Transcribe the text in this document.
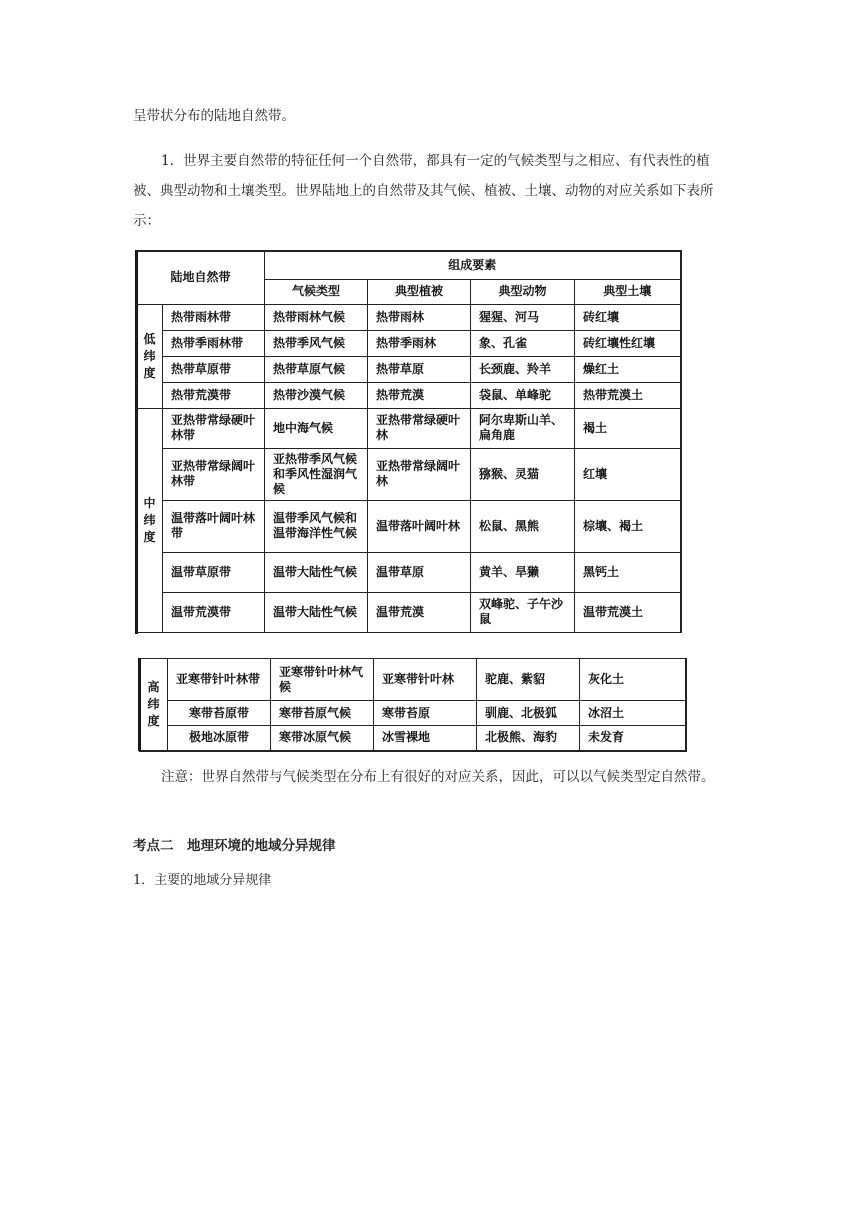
呈带状分布的陆地自然带。

1．世界主要自然带的特征任何一个自然带，都具有一定的气候类型与之相应、有代表性的植被、典型动物和土壤类型。世界陆地上的自然带及其气候、植被、土壤、动物的对应关系如下表所示：

陆地自然带		组成要素			
		气候类型	典型植被	典型动物	典型土壤

低
纬
度	热带雨林带	热带雨林气候	热带雨林	猩猩、河马	砖红壤
	热带季雨林带	热带季风气候	热带季雨林	象、孔雀	砖红壤性红壤
	热带草原带	热带草原气候	热带草原	长颈鹿、羚羊	燥红土
	热带荒漠带	热带沙漠气候	热带荒漠	袋鼠、单峰驼	热带荒漠土

中
纬
度	亚热带常绿硬叶林带	地中海气候	亚热带常绿硬叶林	阿尔卑斯山羊、扁角鹿	褐土
	亚热带常绿阔叶林带	亚热带季风气候和季风性湿润气候	亚热带常绿阔叶林	猕猴、灵猫	红壤
	温带落叶阔叶林带	温带季风气候和温带海洋性气候	温带落叶阔叶林	松鼠、黑熊	棕壤、褐土
	温带草原带	温带大陆性气候	温带草原	黄羊、旱獭	黑钙土
	温带荒漠带	温带大陆性气候	温带荒漠	双峰驼、子午沙鼠	温带荒漠土
高
纬
度	亚寒带针叶林带	亚寒带针叶林气候	亚寒带针叶林	驼鹿、紫貂	灰化土
	寒带苔原带	寒带苔原气候	寒带苔原	驯鹿、北极狐	冰沼土
	极地冰原带	寒带冰原气候	冰雪裸地	北极熊、海豹	未发育

注意：世界自然带与气候类型在分布上有很好的对应关系，因此，可以以气候类型定自然带。

考点二　地理环境的地域分异规律

1．主要的地域分异规律
